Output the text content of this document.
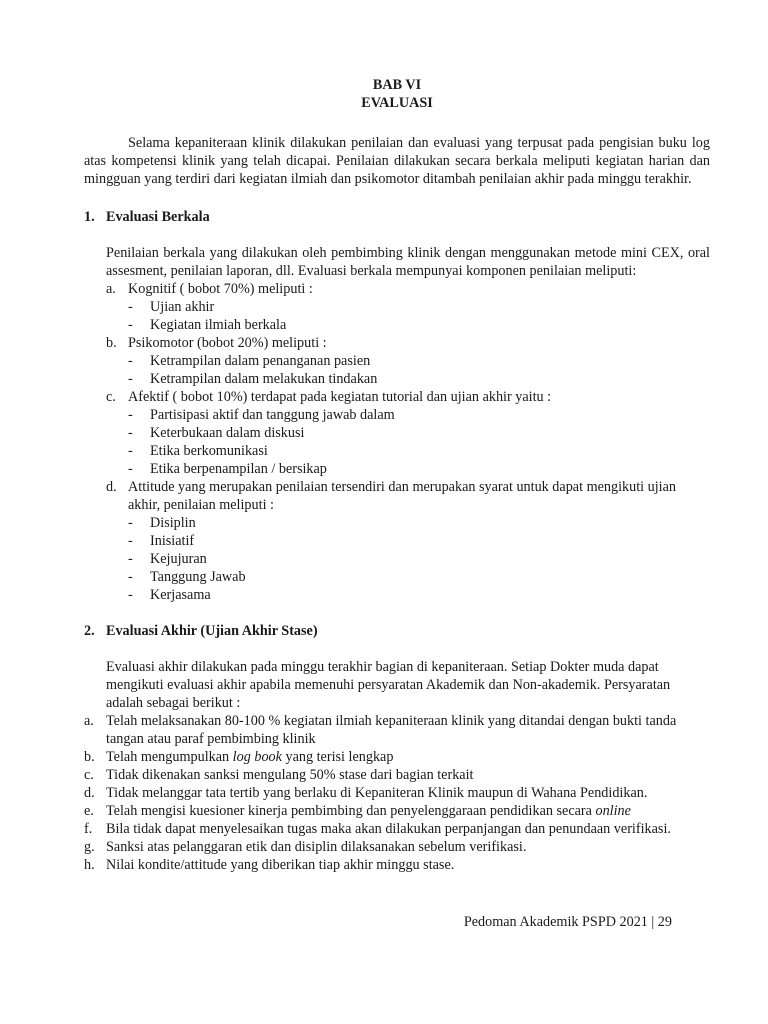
BAB VI

EVALUASI

Selama kepaniteraan klinik dilakukan penilaian dan evaluasi yang terpusat pada pengisian buku log atas kompetensi klinik yang telah dicapai. Penilaian dilakukan secara berkala meliputi kegiatan harian dan mingguan yang terdiri dari kegiatan ilmiah dan psikomotor ditambah penilaian akhir pada minggu terakhir.

1. Evaluasi Berkala

Penilaian berkala yang dilakukan oleh pembimbing klinik dengan menggunakan metode mini CEX, oral assesment, penilaian laporan, dll. Evaluasi berkala mempunyai komponen penilaian meliputi:

a. Kognitif ( bobot 70%) meliputi :
-	Ujian akhir
-	Kegiatan ilmiah berkala
b. Psikomotor (bobot 20%) meliputi :
-	Ketrampilan dalam penanganan pasien
-	Ketrampilan dalam melakukan tindakan
c. Afektif ( bobot 10%) terdapat pada kegiatan tutorial dan ujian akhir yaitu :
-	Partisipasi aktif dan tanggung jawab dalam
-	Keterbukaan dalam diskusi
-	Etika berkomunikasi
-	Etika berpenampilan / bersikap
d. Attitude yang merupakan penilaian tersendiri dan merupakan syarat untuk dapat mengikuti ujian akhir, penilaian meliputi :
-	Disiplin
-	Inisiatif
-	Kejujuran
-	Tanggung Jawab
-	Kerjasama
2. Evaluasi Akhir (Ujian Akhir Stase)

Evaluasi akhir dilakukan pada minggu terakhir bagian di kepaniteraan. Setiap Dokter muda dapat mengikuti evaluasi akhir apabila memenuhi persyaratan Akademik dan Non-akademik. Persyaratan adalah sebagai berikut :

a. Telah melaksanakan 80-100 % kegiatan ilmiah kepaniteraan klinik yang ditandai dengan bukti tanda tangan atau paraf pembimbing klinik
b. Telah mengumpulkan log book yang terisi lengkap
c. Tidak dikenakan sanksi mengulang 50% stase dari bagian terkait
d. Tidak melanggar tata tertib yang berlaku di Kepaniteran Klinik maupun di Wahana Pendidikan.
e. Telah mengisi kuesioner kinerja pembimbing dan penyelenggaraan pendidikan secara online
f. Bila tidak dapat menyelesaikan tugas maka akan dilakukan perpanjangan dan penundaan verifikasi.
g. Sanksi atas pelanggaran etik dan disiplin dilaksanakan sebelum verifikasi.
h. Nilai kondite/attitude yang diberikan tiap akhir minggu stase.
Pedoman Akademik PSPD 2021 | 29
